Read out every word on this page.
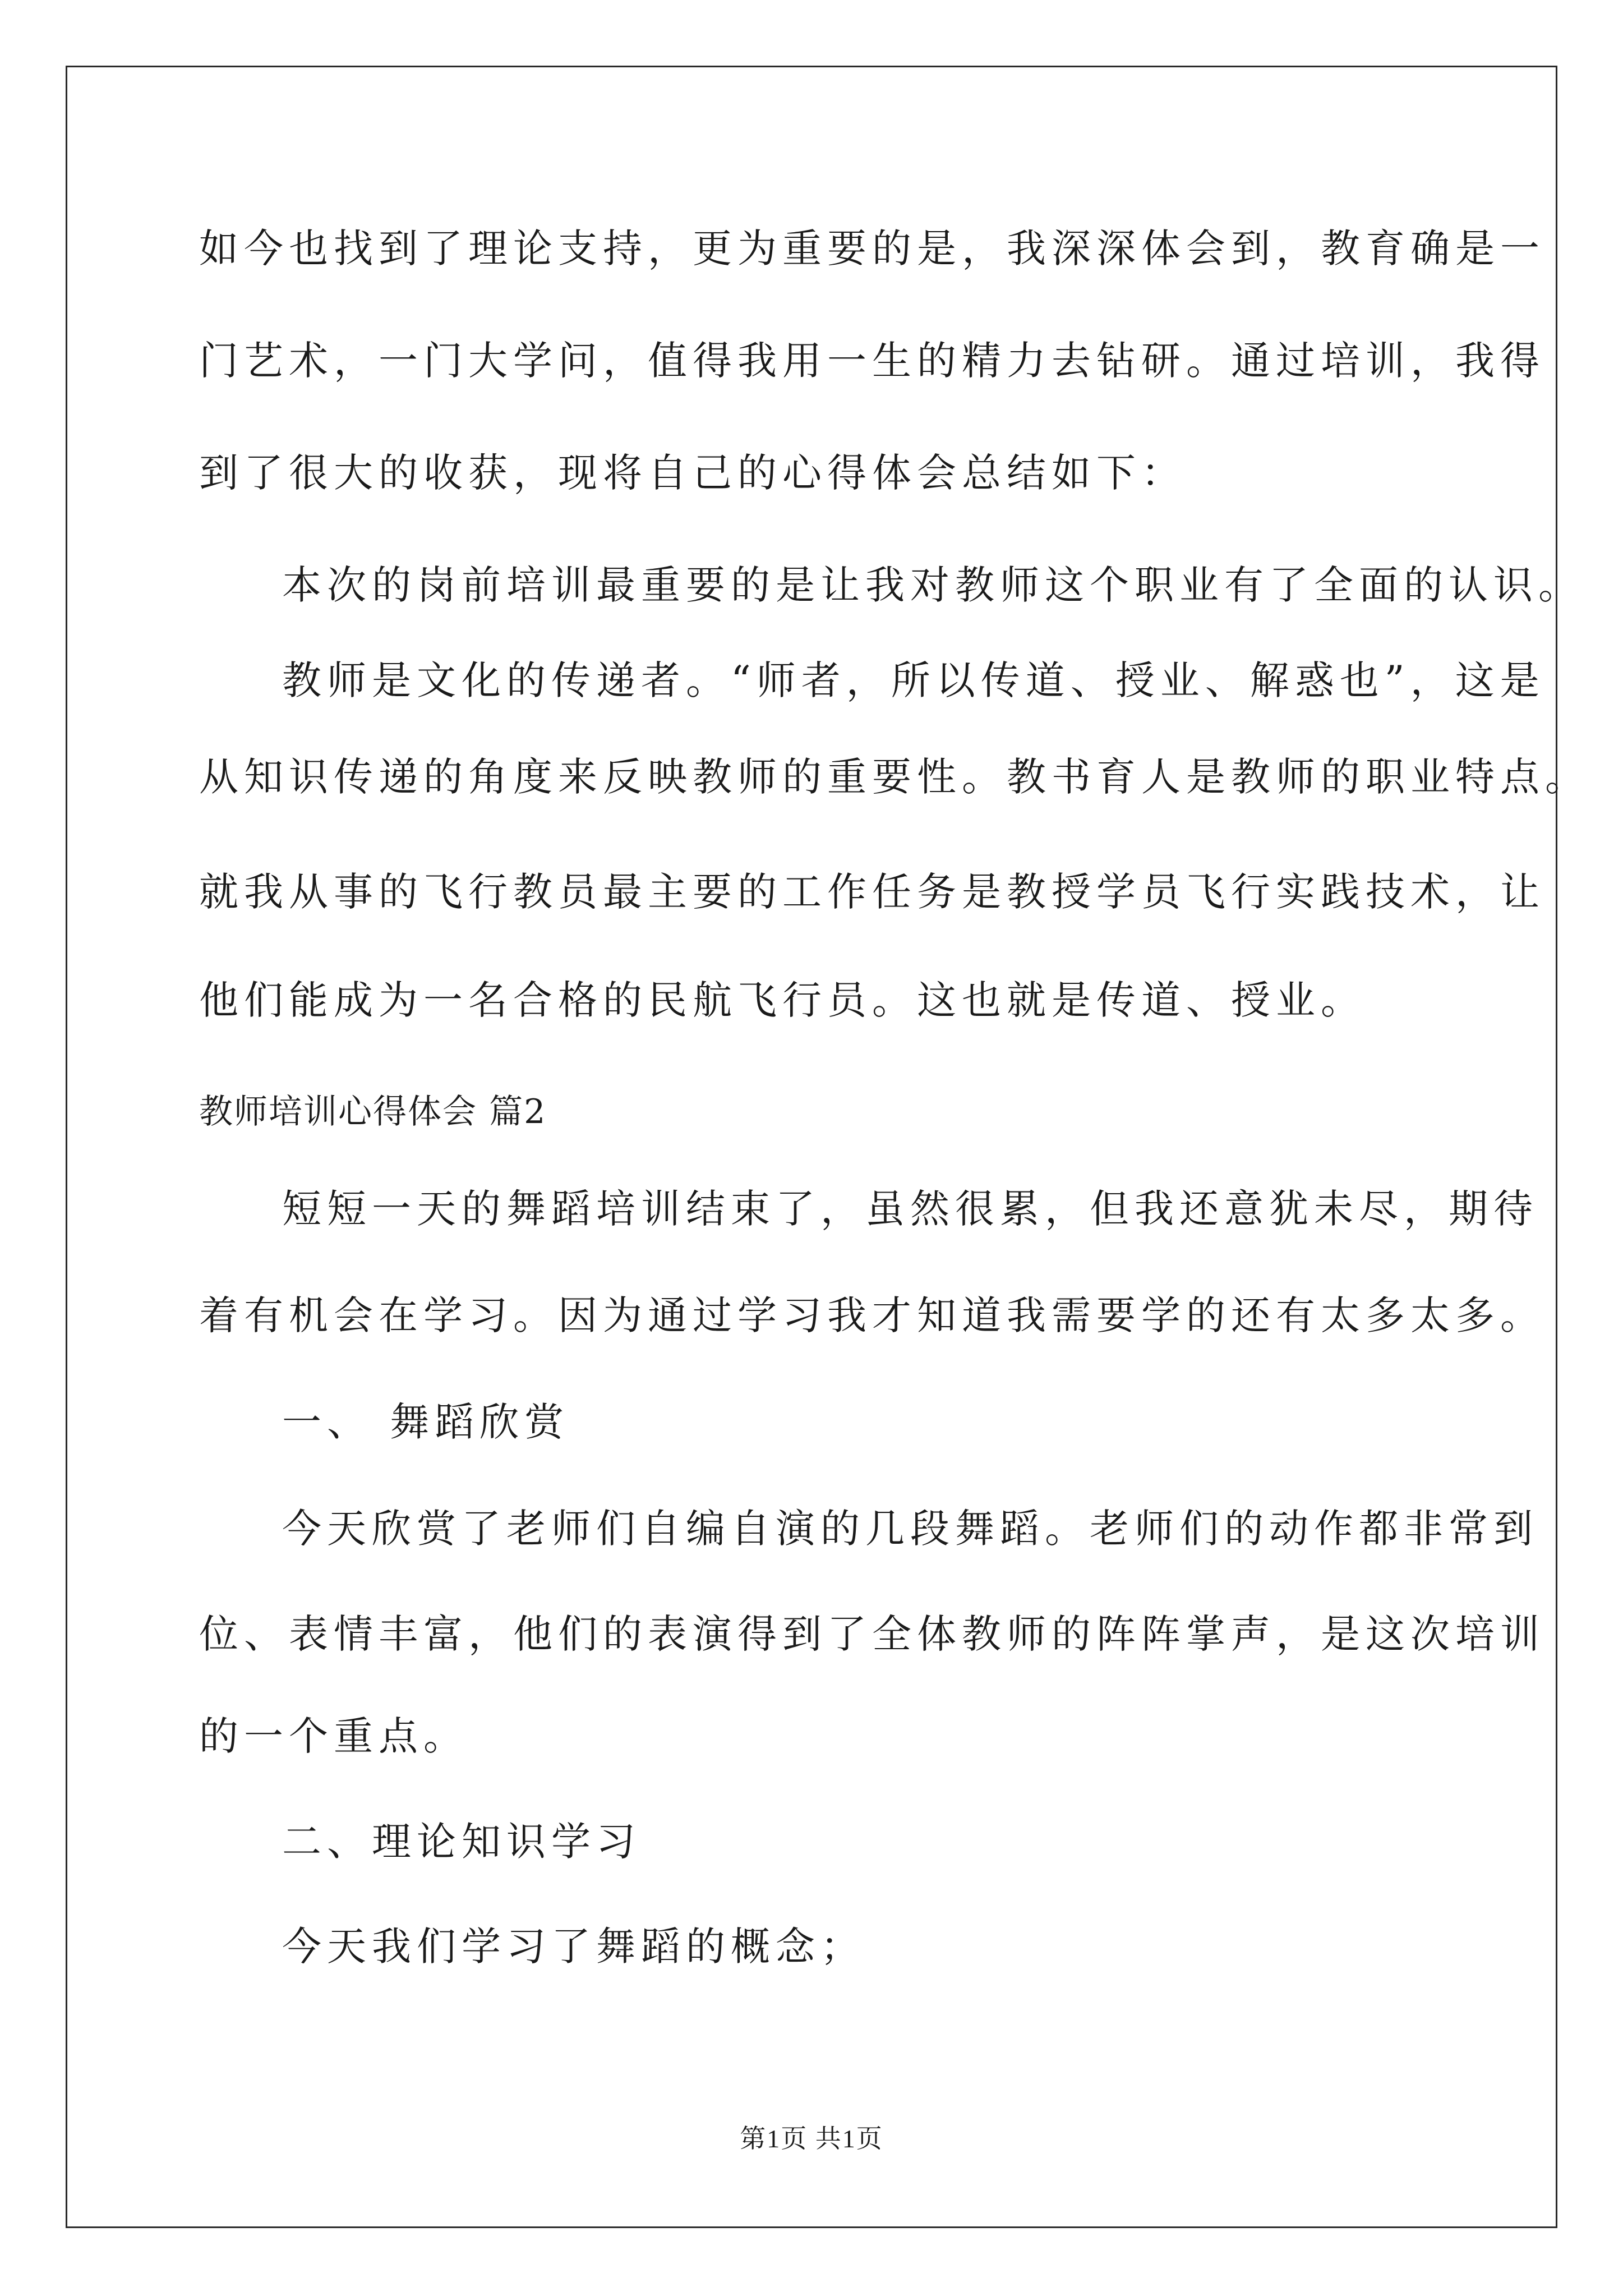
如今也找到了理论支持，更为重要的是，我深深体会到，教育确是一
门艺术，一门大学问，值得我用一生的精力去钻研。通过培训，我得
到了很大的收获，现将自己的心得体会总结如下：
本次的岗前培训最重要的是让我对教师这个职业有了全面的认识。
教师是文化的传递者。“师者，所以传道、授业、解惑也”，这是
从知识传递的角度来反映教师的重要性。教书育人是教师的职业特点。
就我从事的飞行教员最主要的工作任务是教授学员飞行实践技术，让
他们能成为一名合格的民航飞行员。这也就是传道、授业。
教师培训心得体会 篇2
短短一天的舞蹈培训结束了，虽然很累，但我还意犹未尽，期待
着有机会在学习。因为通过学习我才知道我需要学的还有太多太多。
一、 舞蹈欣赏
今天欣赏了老师们自编自演的几段舞蹈。老师们的动作都非常到
位、表情丰富，他们的表演得到了全体教师的阵阵掌声，是这次培训
的一个重点。
二、理论知识学习
今天我们学习了舞蹈的概念；
第1页 共1页
